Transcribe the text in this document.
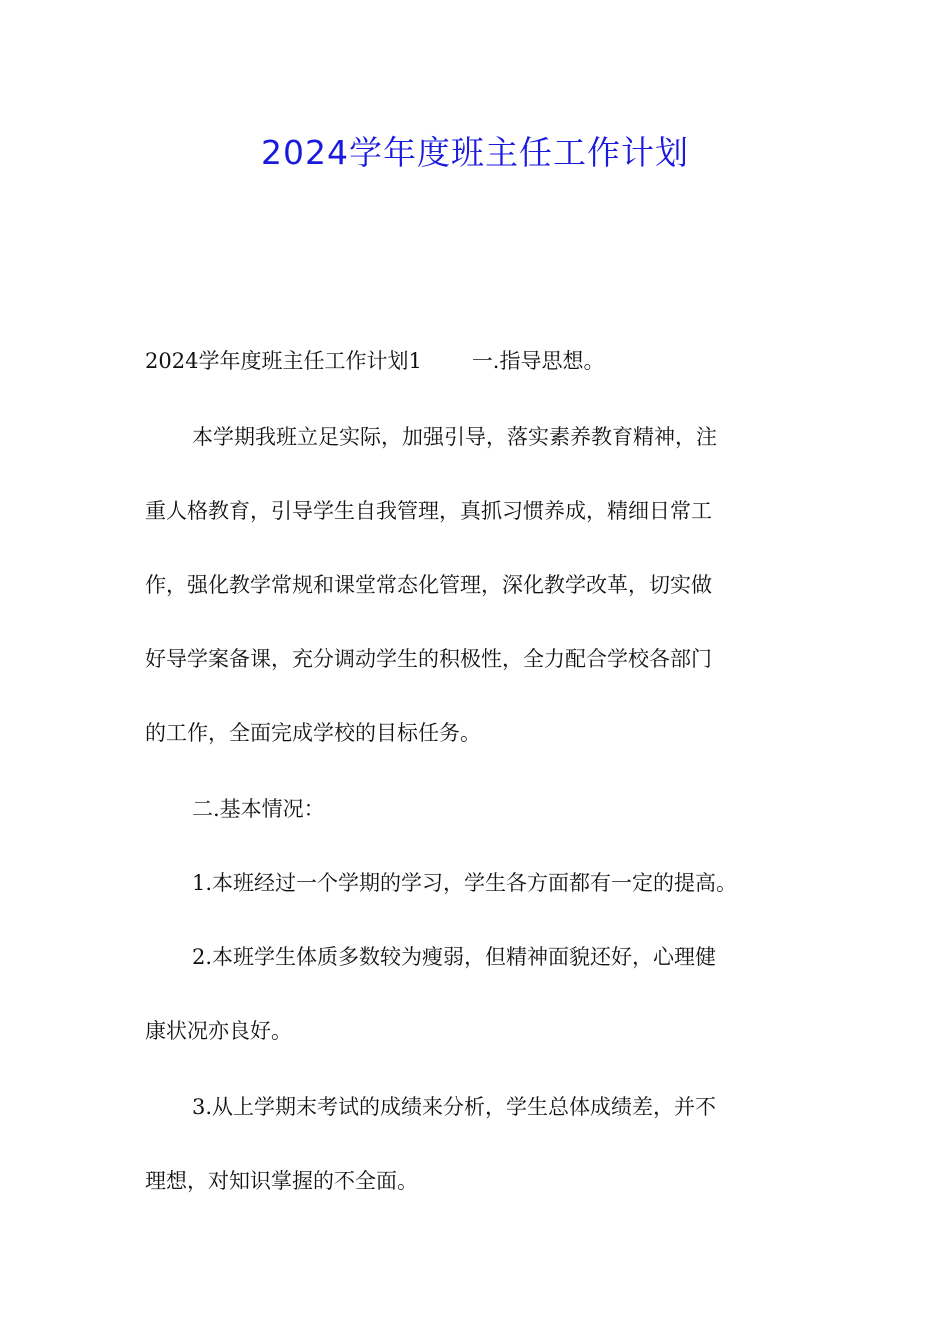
2024学年度班主任工作计划

2024学年度班主任工作计划1 一.指导思想。

本学期我班立足实际，加强引导，落实素养教育精神，注

重人格教育，引导学生自我管理，真抓习惯养成，精细日常工

作，强化教学常规和课堂常态化管理，深化教学改革，切实做

好导学案备课，充分调动学生的积极性，全力配合学校各部门

的工作，全面完成学校的目标任务。

二.基本情况：

1.本班经过一个学期的学习，学生各方面都有一定的提高。

2.本班学生体质多数较为瘦弱，但精神面貌还好，心理健

康状况亦良好。

3.从上学期末考试的成绩来分析，学生总体成绩差，并不

理想，对知识掌握的不全面。
